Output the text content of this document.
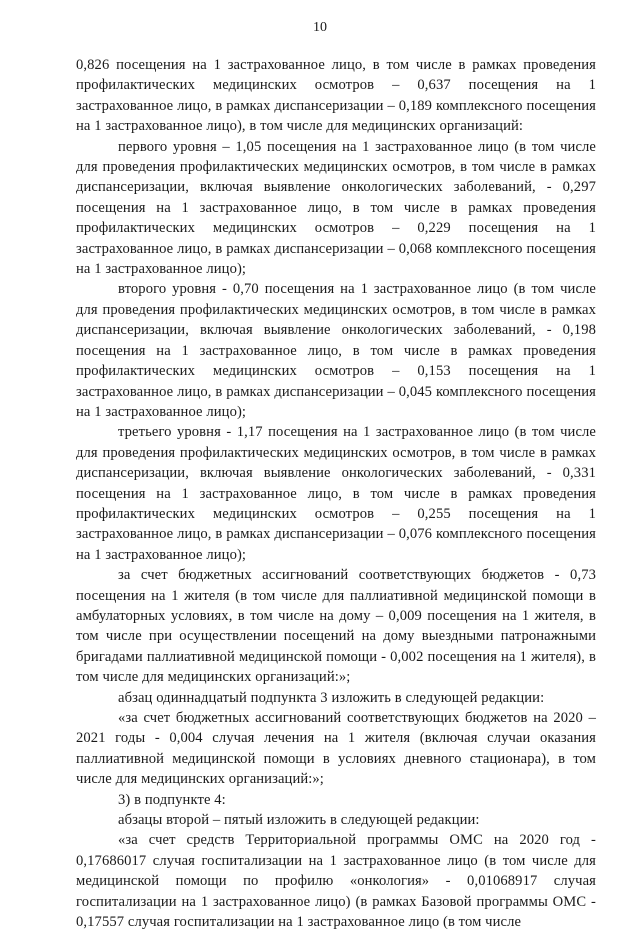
10

0,826 посещения на 1 застрахованное лицо, в том числе в рамках проведения профилактических медицинских осмотров – 0,637 посещения на 1 застрахованное лицо, в рамках диспансеризации – 0,189 комплексного посещения на 1 застрахованное лицо), в том числе для медицинских организаций:

первого уровня – 1,05 посещения на 1 застрахованное лицо (в том числе для проведения профилактических медицинских осмотров, в том числе в рамках диспансеризации, включая выявление онкологических заболеваний, - 0,297 посещения на 1 застрахованное лицо, в том числе в рамках проведения профилактических медицинских осмотров – 0,229 посещения на 1 застрахованное лицо, в рамках диспансеризации – 0,068 комплексного посещения на 1 застрахованное лицо);

второго уровня - 0,70 посещения на 1 застрахованное лицо (в том числе для проведения профилактических медицинских осмотров, в том числе в рамках диспансеризации, включая выявление онкологических заболеваний, - 0,198 посещения на 1 застрахованное лицо, в том числе в рамках проведения профилактических медицинских осмотров – 0,153 посещения на 1 застрахованное лицо, в рамках диспансеризации – 0,045 комплексного посещения на 1 застрахованное лицо);

третьего уровня - 1,17 посещения на 1 застрахованное лицо (в том числе для проведения профилактических медицинских осмотров, в том числе в рамках диспансеризации, включая выявление онкологических заболеваний, - 0,331 посещения на 1 застрахованное лицо, в том числе в рамках проведения профилактических медицинских осмотров – 0,255 посещения на 1 застрахованное лицо, в рамках диспансеризации – 0,076 комплексного посещения на 1 застрахованное лицо);

за счет бюджетных ассигнований соответствующих бюджетов - 0,73 посещения на 1 жителя (в том числе для паллиативной медицинской помощи в амбулаторных условиях, в том числе на дому – 0,009 посещения на 1 жителя, в том числе при осуществлении посещений на дому выездными патронажными бригадами паллиативной медицинской помощи - 0,002 посещения на 1 жителя), в том числе для медицинских организаций:»;

абзац одиннадцатый подпункта 3 изложить в следующей редакции:

«за счет бюджетных ассигнований соответствующих бюджетов на 2020 – 2021 годы - 0,004 случая лечения на 1 жителя (включая случаи оказания паллиативной медицинской помощи в условиях дневного стационара), в том числе для медицинских организаций:»;

3) в подпункте 4:

абзацы второй – пятый изложить в следующей редакции:

«за счет средств Территориальной программы ОМС на 2020 год - 0,17686017 случая госпитализации на 1 застрахованное лицо (в том числе для медицинской помощи по профилю «онкология» - 0,01068917 случая госпитализации на 1 застрахованное лицо) (в рамках Базовой программы ОМС - 0,17557 случая госпитализации на 1 застрахованное лицо (в том числе
